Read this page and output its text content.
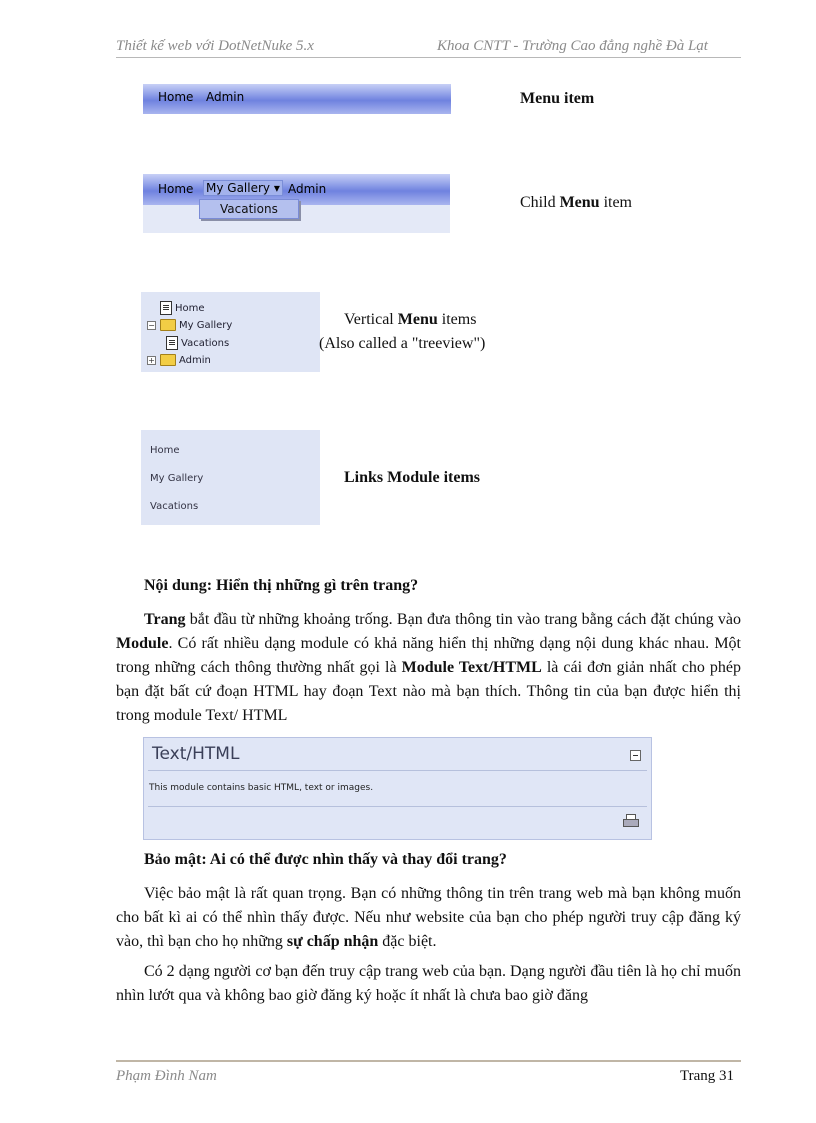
Thiết kế web với DotNetNuke 5.x	Khoa CNTT - Trường Cao đẳng nghề Đà Lạt
Home Admin	Menu item
Home My Gallery ▾ Admin
Vacations	Child Menu item
Home
− My Gallery
Vacations
+ Admin
Vertical Menu items
(Also called a "treeview")
Home
My Gallery
Vacations
Links Module items
Nội dung: Hiển thị những gì trên trang?
Trang bắt đầu từ những khoảng trống. Bạn đưa thông tin vào trang bằng cách đặt chúng vào Module. Có rất nhiều dạng module có khả năng hiển thị những dạng nội dung khác nhau. Một trong những cách thông thường nhất gọi là Module Text/HTML là cái đơn giản nhất cho phép bạn đặt bất cứ đoạn HTML hay đoạn Text nào mà bạn thích. Thông tin của bạn được hiển thị trong module Text/ HTML
Text/HTML
This module contains basic HTML, text or images.
Bảo mật: Ai có thể được nhìn thấy và thay đổi trang?
Việc bảo mật là rất quan trọng. Bạn có những thông tin trên trang web mà bạn không muốn cho bất kì ai có thể nhìn thấy được. Nếu như website của bạn cho phép người truy cập đăng ký vào, thì bạn cho họ những sự chấp nhận đặc biệt.
Có 2 dạng người cơ bạn đến truy cập trang web của bạn. Dạng người đầu tiên là họ chỉ muốn nhìn lướt qua và không bao giờ đăng ký hoặc ít nhất là chưa bao giờ đăng
Phạm Đình Nam	Trang 31
